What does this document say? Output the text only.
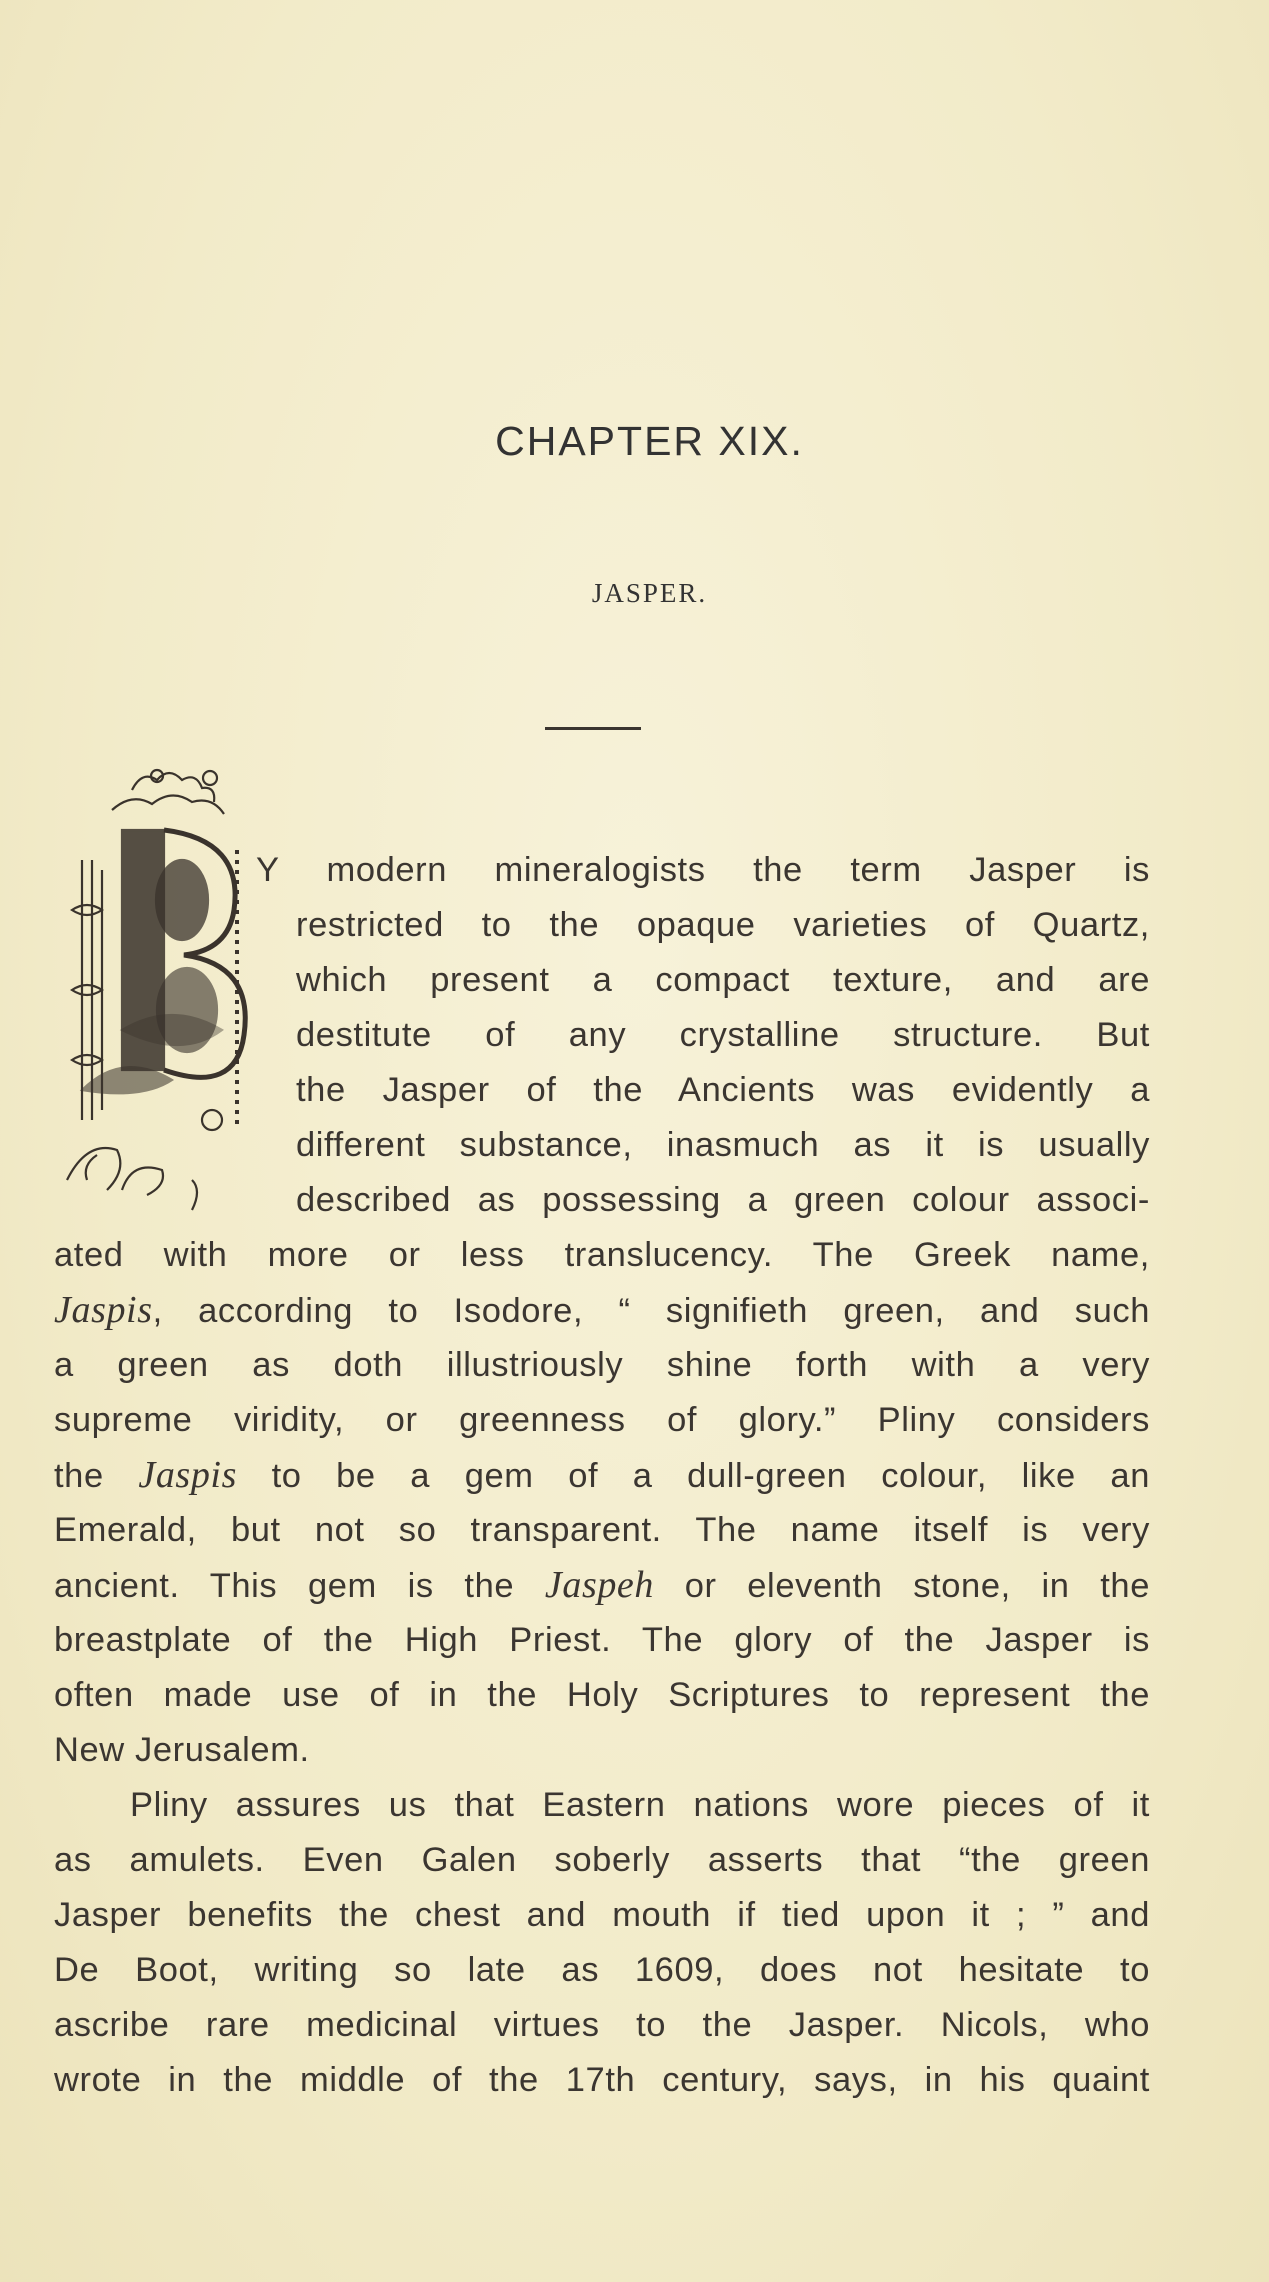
CHAPTER XIX.
JASPER.
Y modern mineralogists the term Jasper is
restricted to the opaque varieties of Quartz,
which present a compact texture, and are
destitute of any crystalline structure. But
the Jasper of the Ancients was evidently a
different substance, inasmuch as it is usually
described as possessing a green colour associ-
ated with more or less translucency. The Greek name,
Jaspis, according to Isodore, “ signifieth green, and such
a green as doth illustriously shine forth with a very
supreme viridity, or greenness of glory.” Pliny considers
the Jaspis to be a gem of a dull-green colour, like an
Emerald, but not so transparent. The name itself is very
ancient. This gem is the Jaspeh or eleventh stone, in the
breastplate of the High Priest. The glory of the Jasper is
often made use of in the Holy Scriptures to represent the
New Jerusalem.
Pliny assures us that Eastern nations wore pieces of it
as amulets. Even Galen soberly asserts that “the green
Jasper benefits the chest and mouth if tied upon it ; ” and
De Boot, writing so late as 1609, does not hesitate to
ascribe rare medicinal virtues to the Jasper. Nicols, who
wrote in the middle of the 17th century, says, in his quaint
